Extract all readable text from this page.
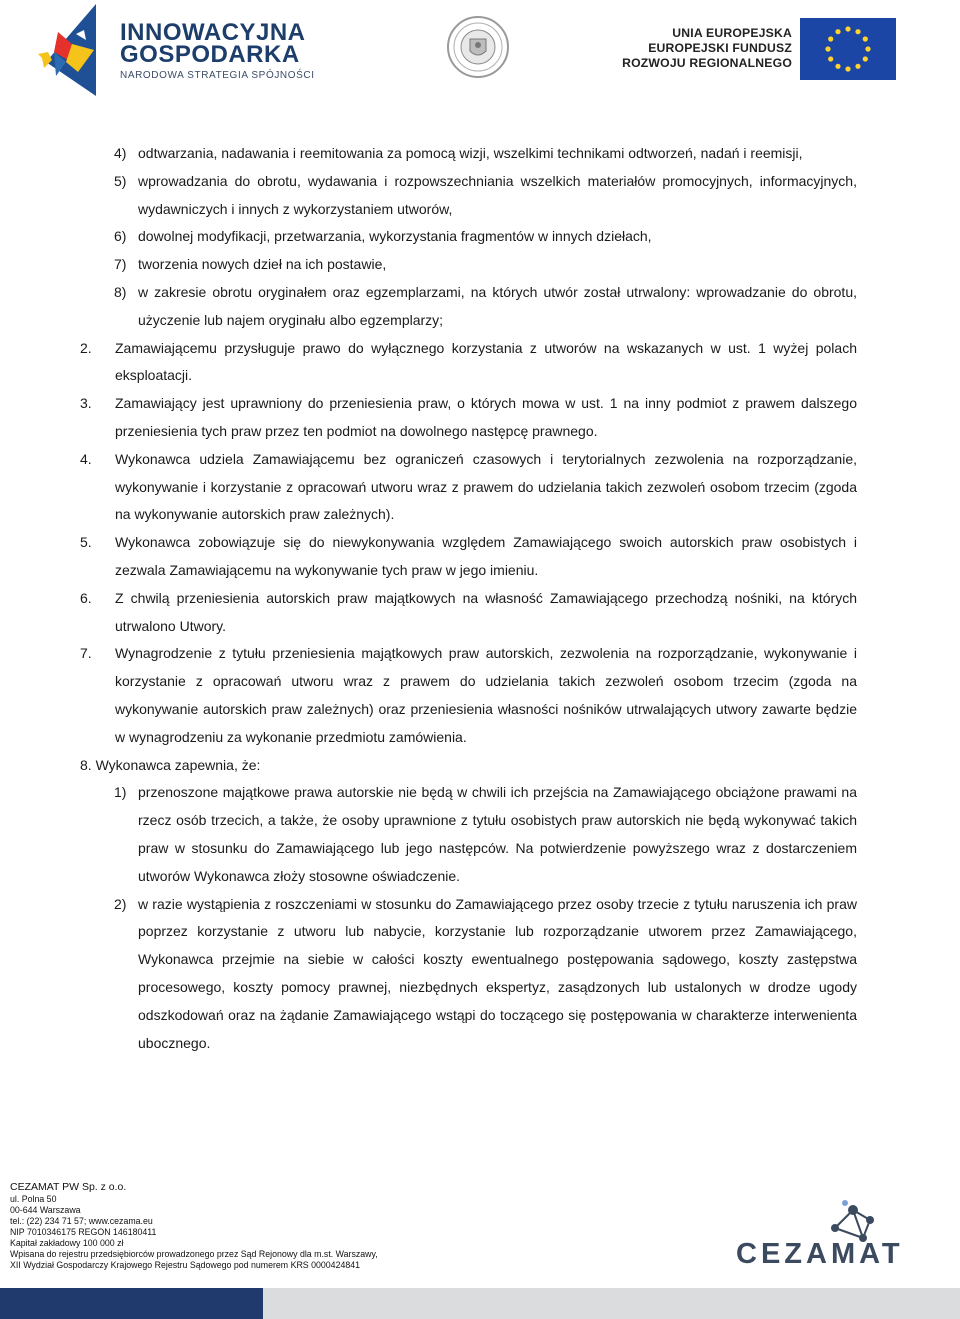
INNOWACYJNA
GOSPODARKA
NARODOWA STRATEGIA SPÓJNOŚCI
UNIA EUROPEJSKA
EUROPEJSKI FUNDUSZ
ROZWOJU REGIONALNEGO
4) odtwarzania, nadawania i reemitowania za pomocą wizji, wszelkimi technikami odtworzeń, nadań i reemisji,
5) wprowadzania do obrotu, wydawania i rozpowszechniania wszelkich materiałów promocyjnych, informacyjnych, wydawniczych i innych z wykorzystaniem utworów,
6) dowolnej modyfikacji, przetwarzania, wykorzystania fragmentów w innych dziełach,
7) tworzenia nowych dzieł na ich postawie,
8) w zakresie obrotu oryginałem oraz egzemplarzami, na których utwór został utrwalony: wprowadzanie do obrotu, użyczenie lub najem oryginału albo egzemplarzy;
2.	Zamawiającemu przysługuje prawo do wyłącznego korzystania z utworów na wskazanych w ust. 1 wyżej polach eksploatacji.
3.	Zamawiający jest uprawniony do przeniesienia praw, o których mowa w ust. 1 na inny podmiot z prawem dalszego przeniesienia tych praw przez ten podmiot na dowolnego następcę prawnego.
4.	Wykonawca udziela Zamawiającemu bez ograniczeń czasowych i terytorialnych zezwolenia na rozporządzanie, wykonywanie i korzystanie z opracowań utworu wraz z prawem do udzielania takich zezwoleń osobom trzecim (zgoda na wykonywanie autorskich praw zależnych).
5.	Wykonawca zobowiązuje się do niewykonywania względem Zamawiającego swoich autorskich praw osobistych i zezwala Zamawiającemu na wykonywanie tych praw w jego imieniu.
6.	Z chwilą przeniesienia autorskich praw majątkowych na własność Zamawiającego przechodzą nośniki, na których utrwalono Utwory.
7.	Wynagrodzenie z tytułu przeniesienia majątkowych praw autorskich, zezwolenia na rozporządzanie, wykonywanie i korzystanie z opracowań utworu wraz z prawem do udzielania takich zezwoleń osobom trzecim (zgoda na wykonywanie autorskich praw zależnych) oraz przeniesienia własności nośników utrwalających utwory zawarte będzie w wynagrodzeniu za wykonanie przedmiotu zamówienia.
8. Wykonawca zapewnia, że:
1) przenoszone majątkowe prawa autorskie nie będą w chwili ich przejścia na Zamawiającego obciążone prawami na rzecz osób trzecich, a także, że osoby uprawnione z tytułu osobistych praw autorskich nie będą wykonywać takich praw w stosunku do Zamawiającego lub jego następców. Na potwierdzenie powyższego wraz z dostarczeniem utworów Wykonawca złoży stosowne oświadczenie.
2) w razie wystąpienia z roszczeniami w stosunku do Zamawiającego przez osoby trzecie z tytułu naruszenia ich praw poprzez korzystanie z utworu lub nabycie, korzystanie lub rozporządzanie utworem przez Zamawiającego, Wykonawca przejmie na siebie w całości koszty ewentualnego postępowania sądowego, koszty zastępstwa procesowego, koszty pomocy prawnej, niezbędnych ekspertyz, zasądzonych lub ustalonych w drodze ugody odszkodowań oraz na żądanie Zamawiającego wstąpi do toczącego się postępowania w charakterze interwenienta ubocznego.
CEZAMAT PW Sp. z o.o.
ul. Polna 50
00-644 Warszawa
tel.: (22) 234 71 57; www.cezama.eu
NIP 7010346175 REGON 146180411
Kapitał zakładowy 100 000 zł
Wpisana do rejestru przedsiębiorców prowadzonego przez Sąd Rejonowy dla m.st. Warszawy,
XII Wydział Gospodarczy Krajowego Rejestru Sądowego pod numerem KRS 0000424841	CEZAMAT
